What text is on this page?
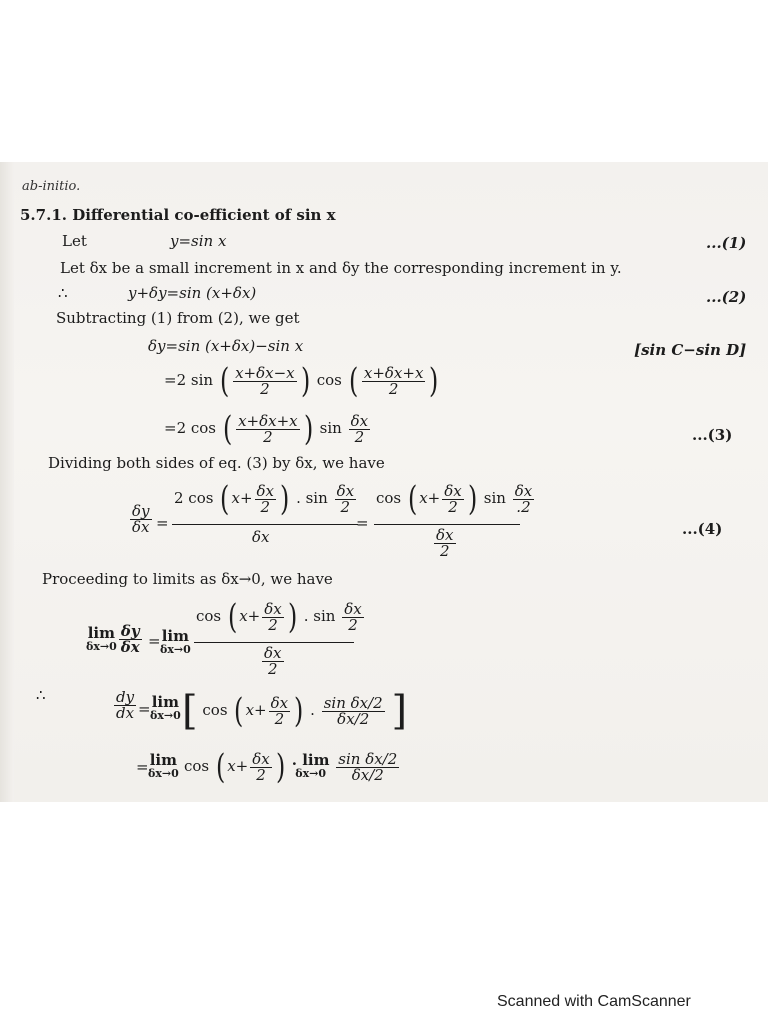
ab-initio.
5.7.1. Differential co-efficient of sin x
Let	y=sin x	...(1)
Let δx be a small increment in x and δy the corresponding increment in y.
∴	y+δy=sin (x+δx)	...(2)
Subtracting (1) from (2), we get
δy=sin (x+δx)−sin x	[sin C−sin D]
=2 sin ( $\frac{x+\delta x-x}{2}$ ) cos ( $\frac{x+\delta x+x}{2}$ )
=2 cos ( $\frac{x+\delta x+x}{2}$ ) $\sin \frac{\delta x}{2}$	...(3)
Dividing both sides of eq. (3) by δx, we have
$\frac{\delta y}{\delta x}$ =
2 cos ( $x+ \frac{\delta x}{2}$ ) . $\sin \frac{\delta x}{2}$
δx
=
cos ( $x+ \frac{\delta x}{2}$ ) $\sin \frac{\delta x}{.2}$
$\frac{\delta x}{2}$	...(4)
Proceeding to limits as δx→0, we have
lim
$\delta x\to 0 \frac{\delta y}{\delta x} = \lim$
δx→0
cos ( $x+ \frac{\delta x}{2}$ ) . $\sin \frac{\delta x}{2}$
$\frac{\delta x}{2}$
∴	$\frac{dy}{dx} = \lim$
δx→0 [ cos ( $x+ \frac{\delta x}{2}$ ) . $\frac{\text{sin δx/2}}{\delta x/2}$ ]
= lim
δx→0 cos ( $x+ \frac{\delta x}{2}$ ) . lim
δx→0
$\frac{\text{sin δx/2}}{\delta x/2}$
Scanned with CamScanner
